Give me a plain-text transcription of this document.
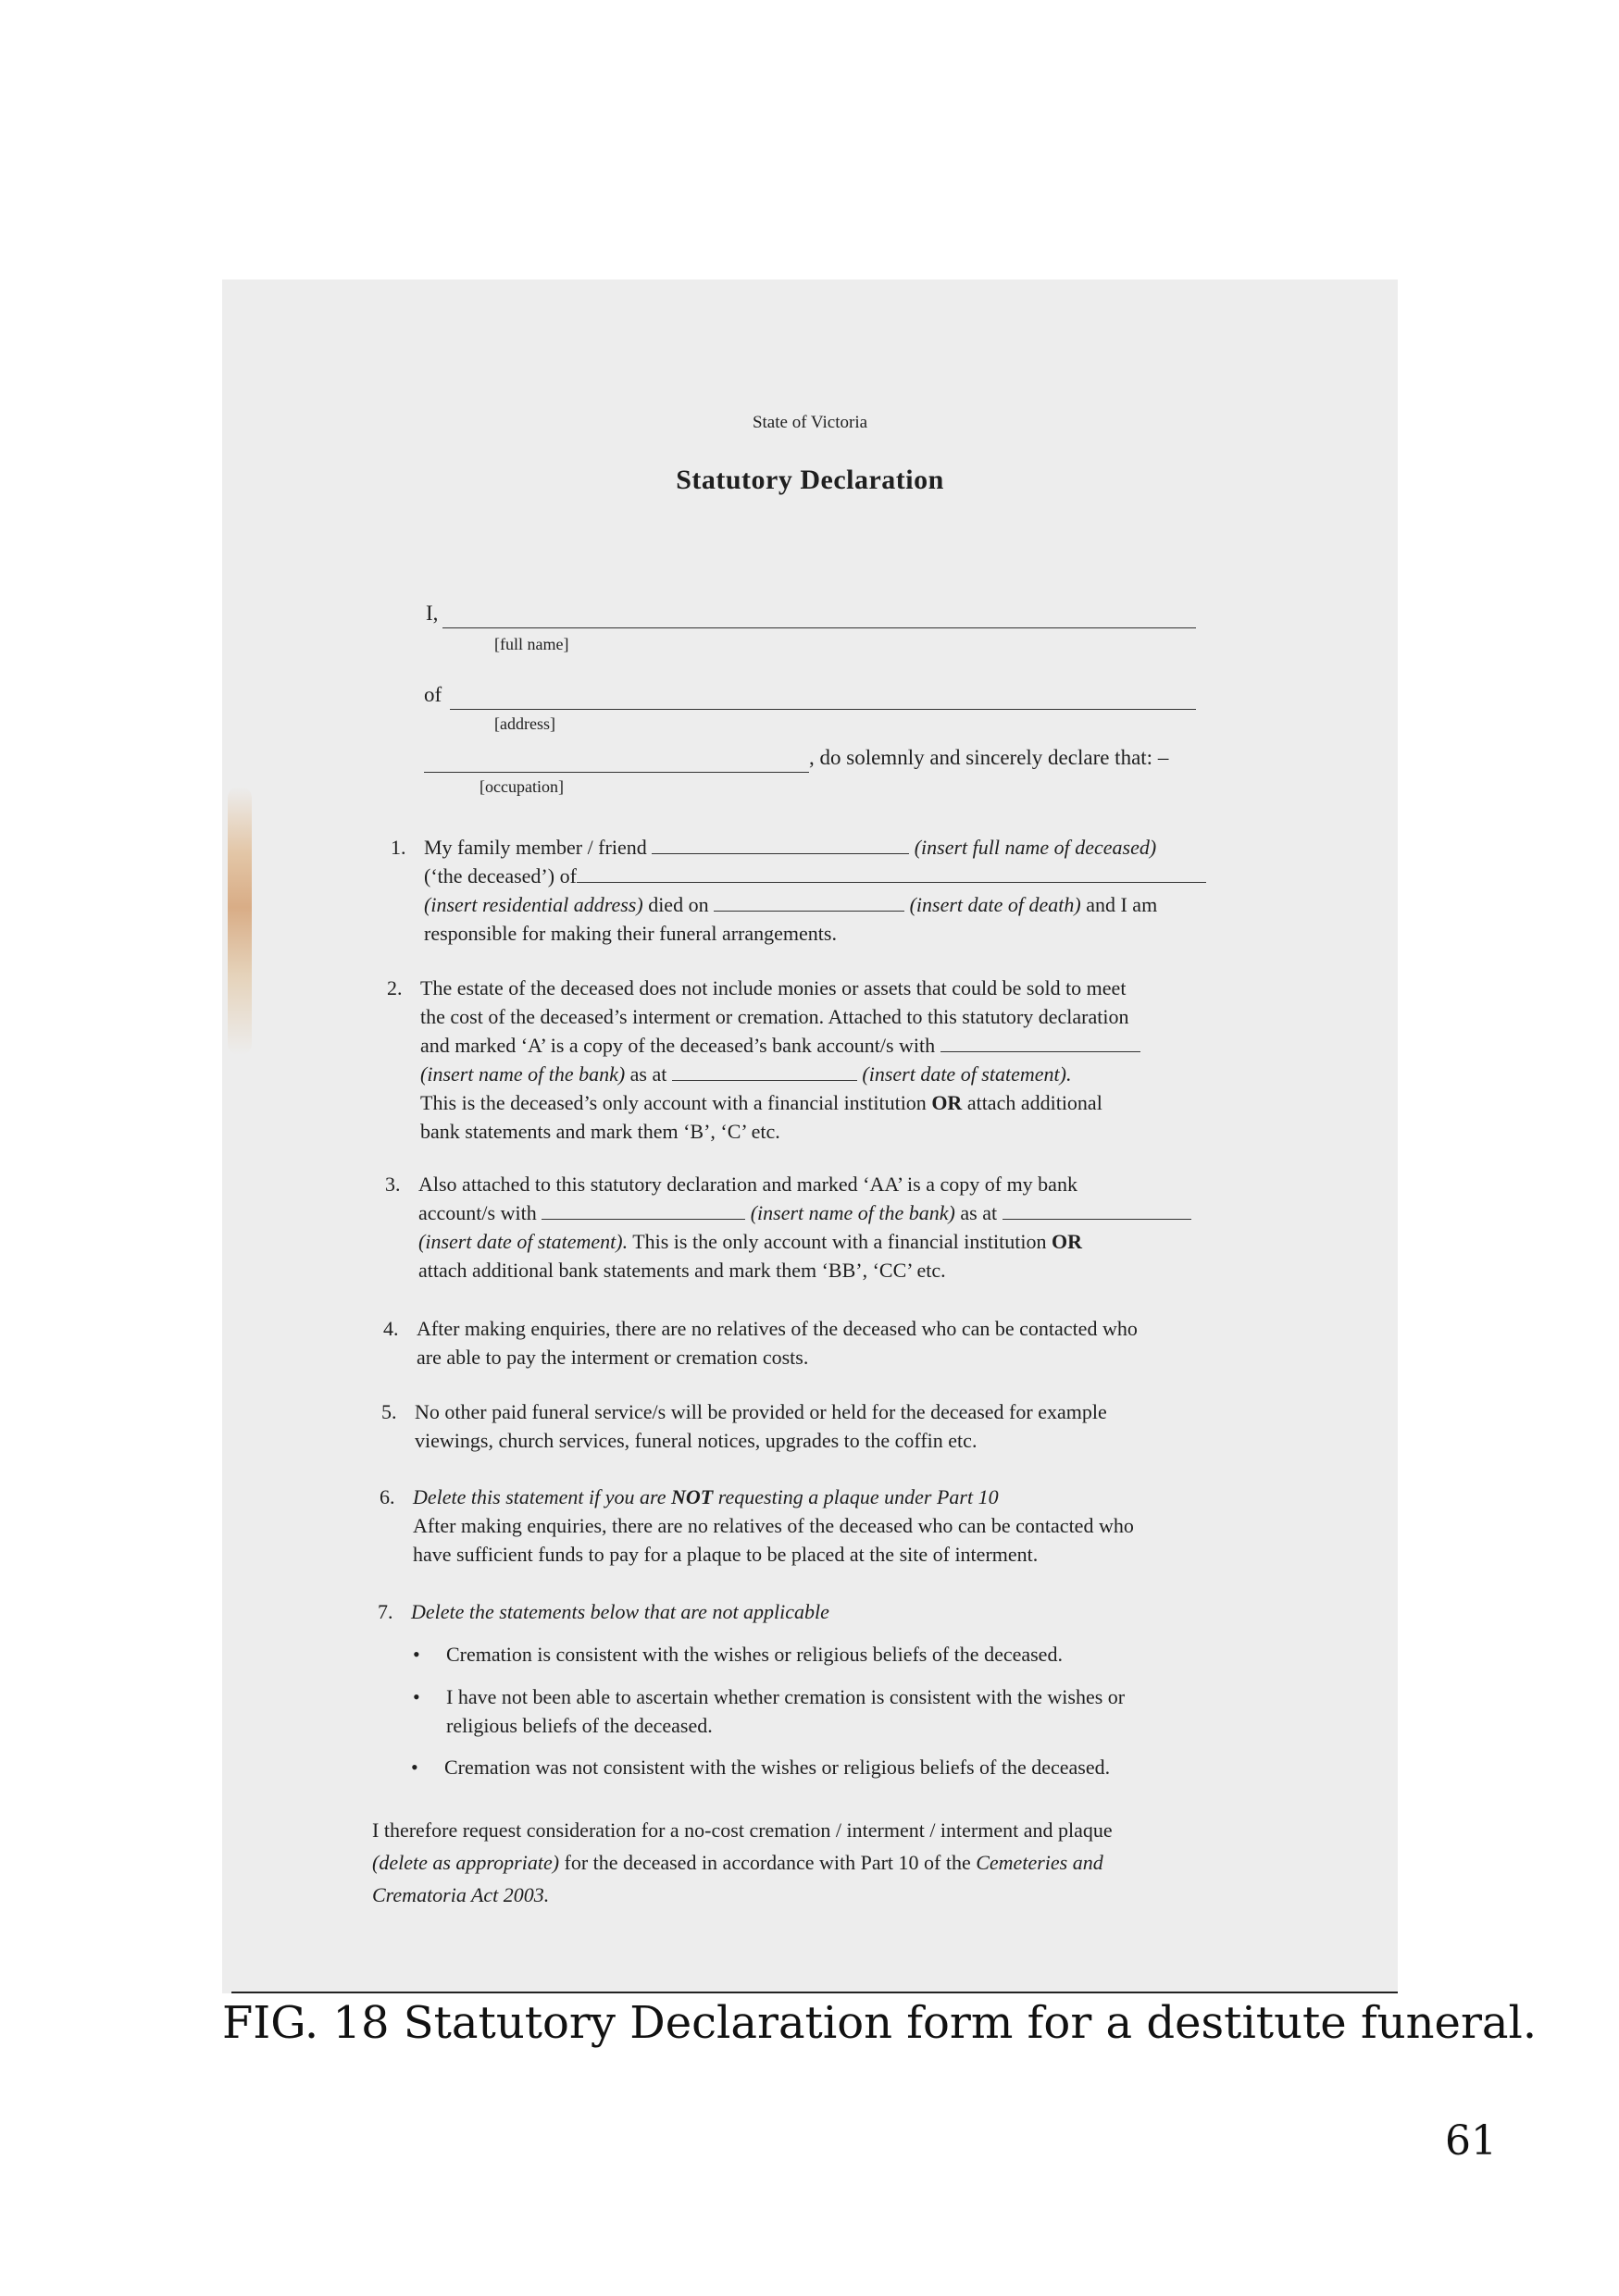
State of Victoria
Statutory Declaration
I,
[full name]
of
[address]
, do solemnly and sincerely declare that: –
[occupation]
1. My family member / friend	(insert full name of deceased)
(‘the deceased’) of
(insert residential address) died on	(insert date of death) and I am
responsible for making their funeral arrangements.
2. The estate of the deceased does not include monies or assets that could be sold to meet
the cost of the deceased’s interment or cremation. Attached to this statutory declaration
and marked ‘A’ is a copy of the deceased’s bank account/s with
(insert name of the bank) as at	(insert date of statement).
This is the deceased’s only account with a financial institution OR attach additional
bank statements and mark them ‘B’, ‘C’ etc.
3. Also attached to this statutory declaration and marked ‘AA’ is a copy of my bank
account/s with	(insert name of the bank) as at
(insert date of statement). This is the only account with a financial institution OR
attach additional bank statements and mark them ‘BB’, ‘CC’ etc.
4. After making enquiries, there are no relatives of the deceased who can be contacted who
are able to pay the interment or cremation costs.
5. No other paid funeral service/s will be provided or held for the deceased for example
viewings, church services, funeral notices, upgrades to the coffin etc.
6. Delete this statement if you are NOT requesting a plaque under Part 10
After making enquiries, there are no relatives of the deceased who can be contacted who
have sufficient funds to pay for a plaque to be placed at the site of interment.
7. Delete the statements below that are not applicable
• Cremation is consistent with the wishes or religious beliefs of the deceased.
• I have not been able to ascertain whether cremation is consistent with the wishes or
religious beliefs of the deceased.
• Cremation was not consistent with the wishes or religious beliefs of the deceased.
I therefore request consideration for a no-cost cremation / interment / interment and plaque
(delete as appropriate) for the deceased in accordance with Part 10 of the Cemeteries and
Crematoria Act 2003.
FIG. 18 Statutory Declaration form for a destitute funeral.
61
